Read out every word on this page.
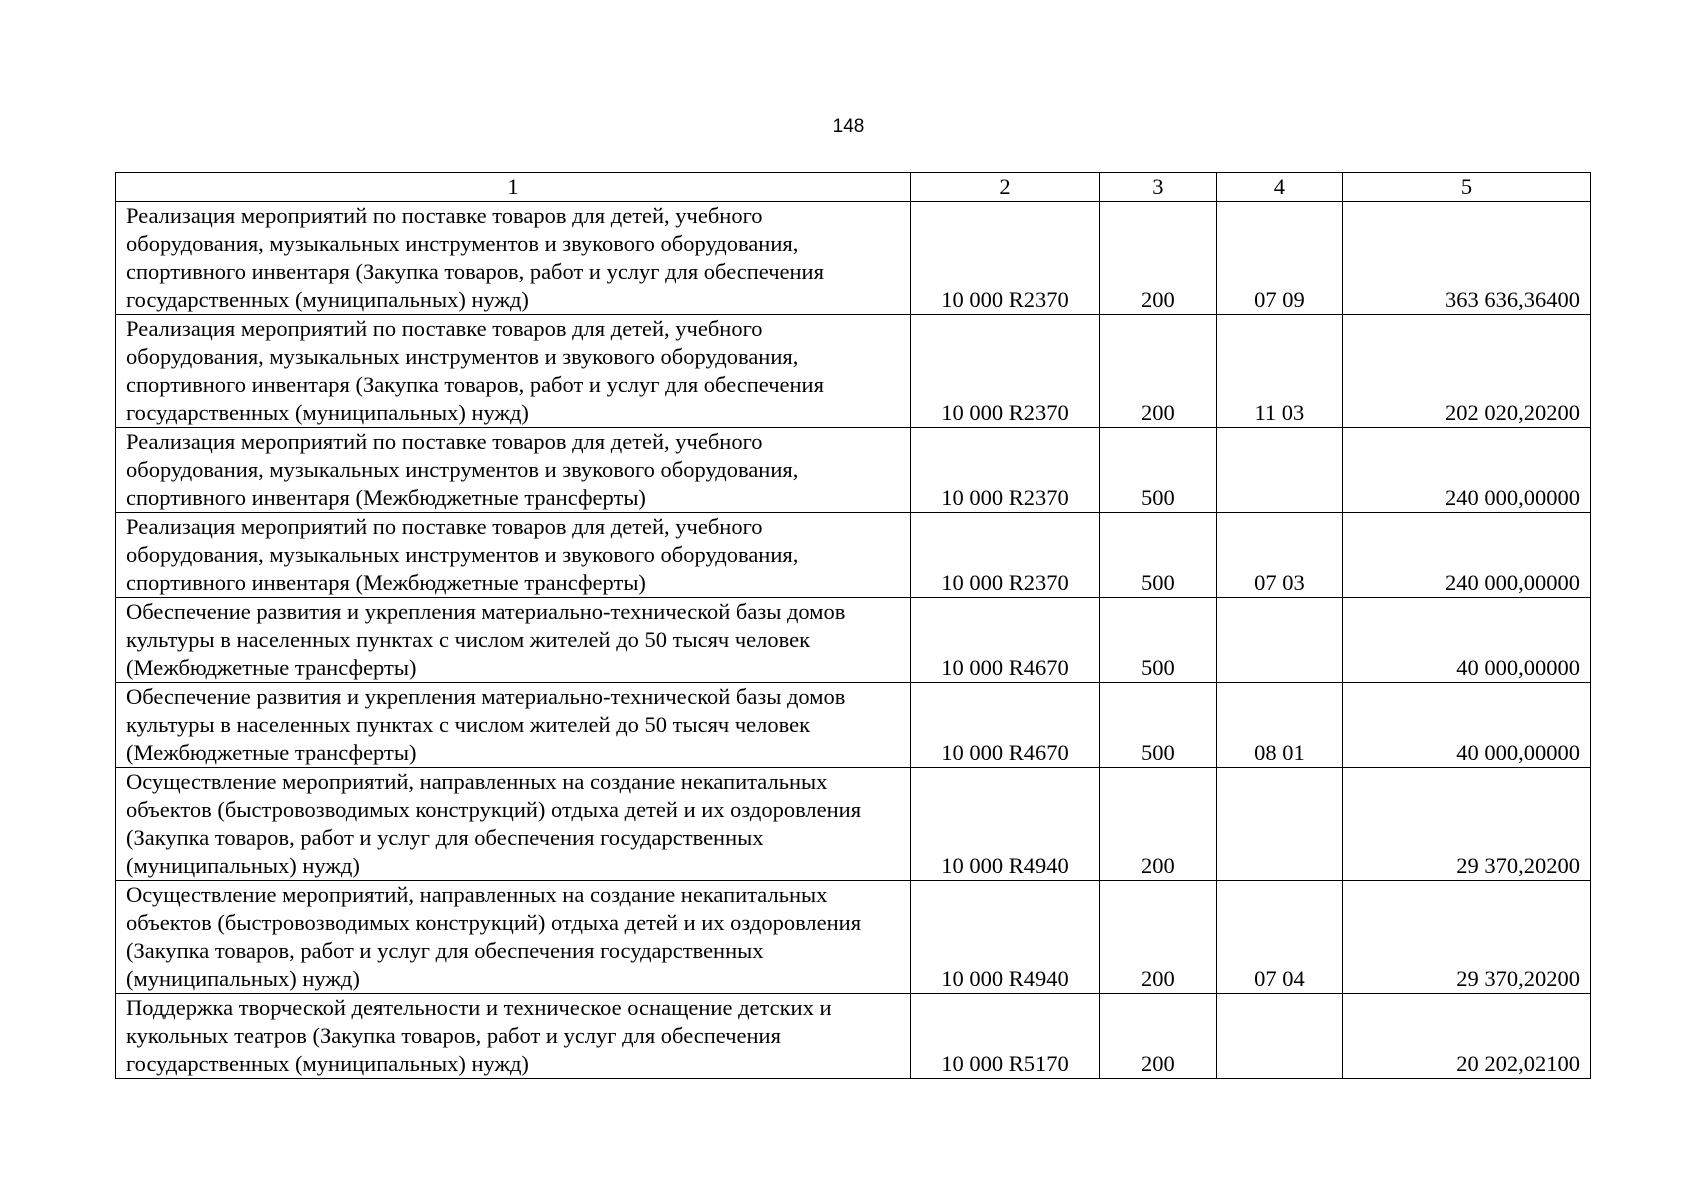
148
1	2	3	4	5
Реализация мероприятий по поставке товаров для детей, учебного оборудования, музыкальных инструментов и звукового оборудования, спортивного инвентаря (Закупка товаров, работ и услуг для обеспечения государственных (муниципальных) нужд)	10 000 R2370	200	07 09	363 636,36400
Реализация мероприятий по поставке товаров для детей, учебного оборудования, музыкальных инструментов и звукового оборудования, спортивного инвентаря (Закупка товаров, работ и услуг для обеспечения государственных (муниципальных) нужд)	10 000 R2370	200	11 03	202 020,20200
Реализация мероприятий по поставке товаров для детей, учебного оборудования, музыкальных инструментов и звукового оборудования, спортивного инвентаря (Межбюджетные трансферты)	10 000 R2370	500		240 000,00000
Реализация мероприятий по поставке товаров для детей, учебного оборудования, музыкальных инструментов и звукового оборудования, спортивного инвентаря (Межбюджетные трансферты)	10 000 R2370	500	07 03	240 000,00000
Обеспечение развития и укрепления материально-технической базы домов культуры в населенных пунктах с числом жителей до 50 тысяч человек (Межбюджетные трансферты)	10 000 R4670	500		40 000,00000
Обеспечение развития и укрепления материально-технической базы домов культуры в населенных пунктах с числом жителей до 50 тысяч человек (Межбюджетные трансферты)	10 000 R4670	500	08 01	40 000,00000
Осуществление мероприятий, направленных на создание некапитальных объектов (быстровозводимых конструкций) отдыха детей и их оздоровления (Закупка товаров, работ и услуг для обеспечения государственных (муниципальных) нужд)	10 000 R4940	200		29 370,20200
Осуществление мероприятий, направленных на создание некапитальных объектов (быстровозводимых конструкций) отдыха детей и их оздоровления (Закупка товаров, работ и услуг для обеспечения государственных (муниципальных) нужд)	10 000 R4940	200	07 04	29 370,20200
Поддержка творческой деятельности и техническое оснащение детских и кукольных театров (Закупка товаров, работ и услуг для обеспечения государственных (муниципальных) нужд)	10 000 R5170	200		20 202,02100
